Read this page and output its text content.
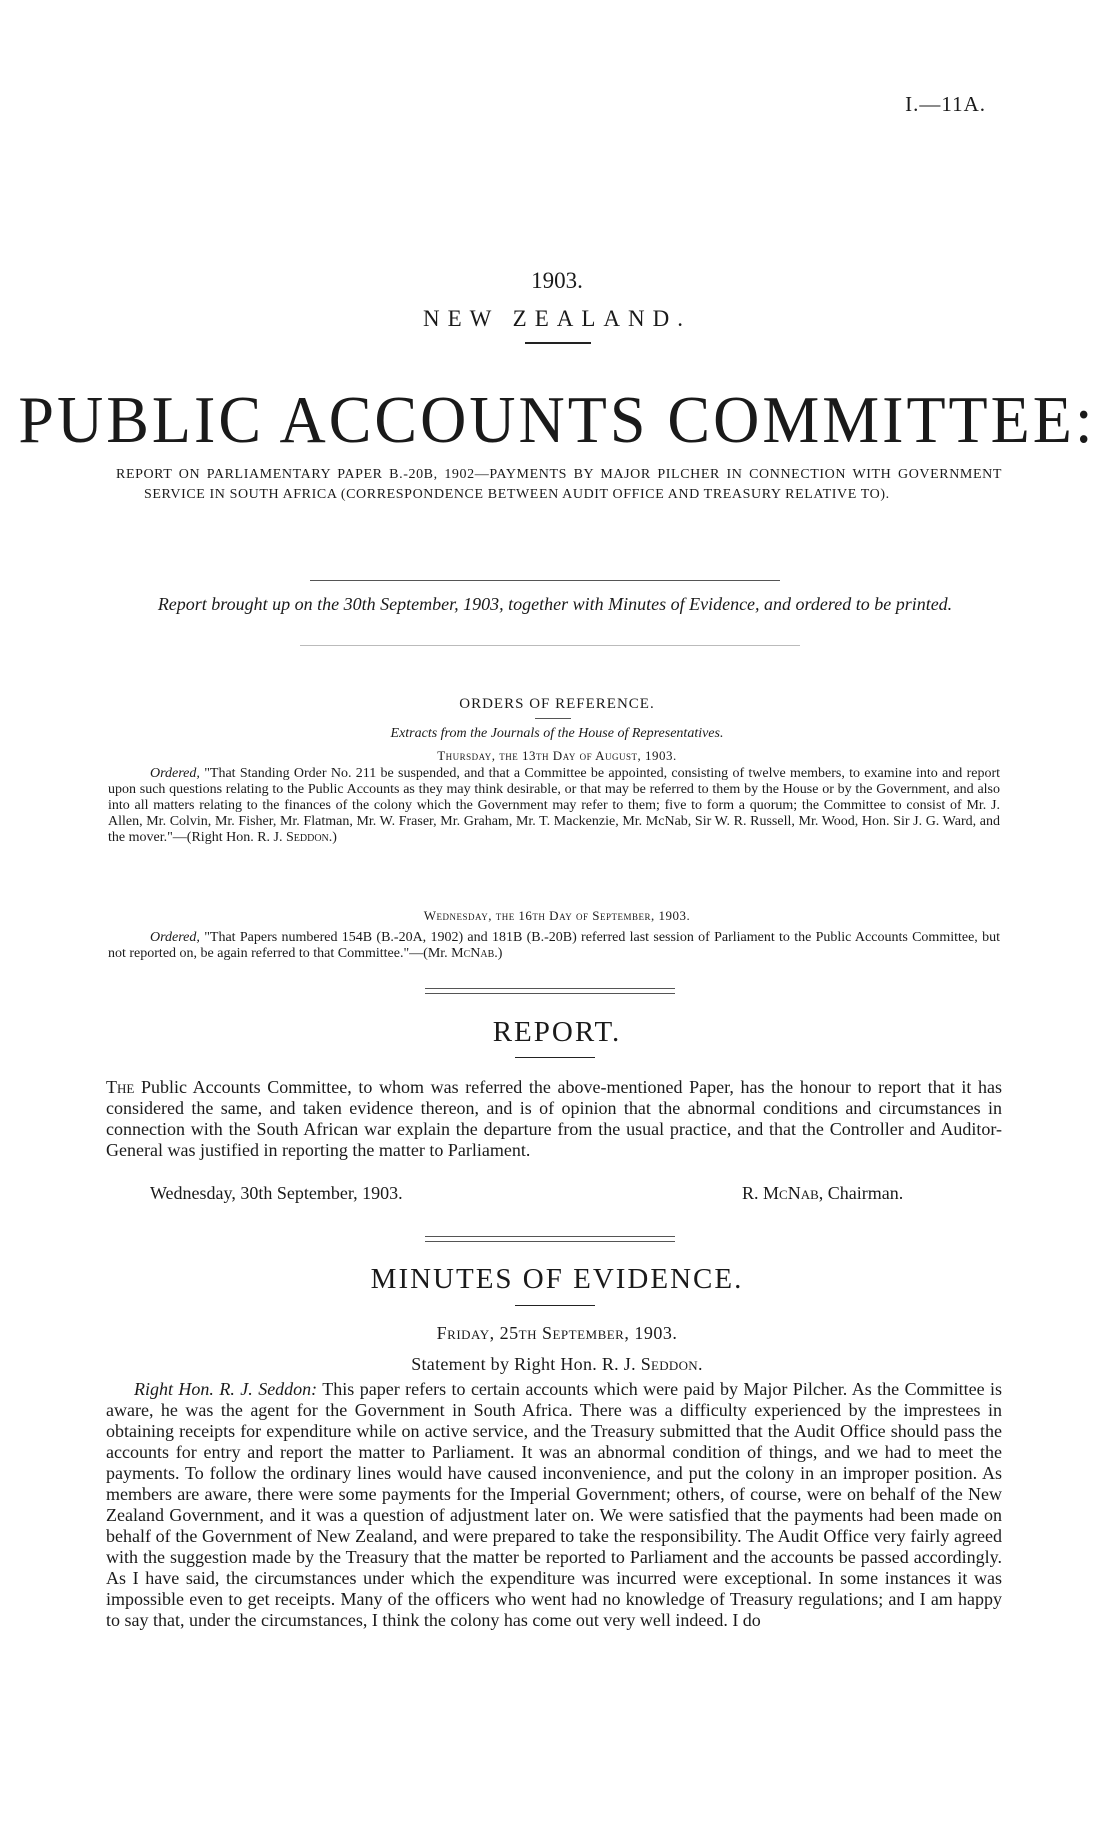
I.—11A.
1903.
NEW ZEALAND.
PUBLIC ACCOUNTS COMMITTEE:
REPORT ON PARLIAMENTARY PAPER B.-20B, 1902—PAYMENTS BY MAJOR PILCHER IN CONNECTION WITH GOVERNMENT SERVICE IN SOUTH AFRICA (CORRESPONDENCE BETWEEN AUDIT OFFICE AND TREASURY RELATIVE TO).
Report brought up on the 30th September, 1903, together with Minutes of Evidence, and ordered to be printed.
ORDERS OF REFERENCE.
Extracts from the Journals of the House of Representatives.
Thursday, the 13th Day of August, 1903.
Ordered, "That Standing Order No. 211 be suspended, and that a Committee be appointed, consisting of twelve members, to examine into and report upon such questions relating to the Public Accounts as they may think desirable, or that may be referred to them by the House or by the Government, and also into all matters relating to the finances of the colony which the Government may refer to them; five to form a quorum; the Committee to consist of Mr. J. Allen, Mr. Colvin, Mr. Fisher, Mr. Flatman, Mr. W. Fraser, Mr. Graham, Mr. T. Mackenzie, Mr. McNab, Sir W. R. Russell, Mr. Wood, Hon. Sir J. G. Ward, and the mover."—(Right Hon. R. J. Seddon.)
Wednesday, the 16th Day of September, 1903.
Ordered, "That Papers numbered 154B (B.-20A, 1902) and 181B (B.-20B) referred last session of Parliament to the Public Accounts Committee, but not reported on, be again referred to that Committee."—(Mr. McNab.)
REPORT.
The Public Accounts Committee, to whom was referred the above-mentioned Paper, has the honour to report that it has considered the same, and taken evidence thereon, and is of opinion that the abnormal conditions and circumstances in connection with the South African war explain the departure from the usual practice, and that the Controller and Auditor-General was justified in reporting the matter to Parliament.
Wednesday, 30th September, 1903.	R. McNab, Chairman.
MINUTES OF EVIDENCE.
Friday, 25th September, 1903.
Statement by Right Hon. R. J. Seddon.
Right Hon. R. J. Seddon: This paper refers to certain accounts which were paid by Major Pilcher. As the Committee is aware, he was the agent for the Government in South Africa. There was a difficulty experienced by the imprestees in obtaining receipts for expenditure while on active service, and the Treasury submitted that the Audit Office should pass the accounts for entry and report the matter to Parliament. It was an abnormal condition of things, and we had to meet the payments. To follow the ordinary lines would have caused inconvenience, and put the colony in an improper position. As members are aware, there were some payments for the Imperial Government; others, of course, were on behalf of the New Zealand Government, and it was a question of adjustment later on. We were satisfied that the payments had been made on behalf of the Government of New Zealand, and were prepared to take the responsibility. The Audit Office very fairly agreed with the suggestion made by the Treasury that the matter be reported to Parliament and the accounts be passed accordingly. As I have said, the circumstances under which the expenditure was incurred were exceptional. In some instances it was impossible even to get receipts. Many of the officers who went had no knowledge of Treasury regulations; and I am happy to say that, under the circumstances, I think the colony has come out very well indeed. I do
